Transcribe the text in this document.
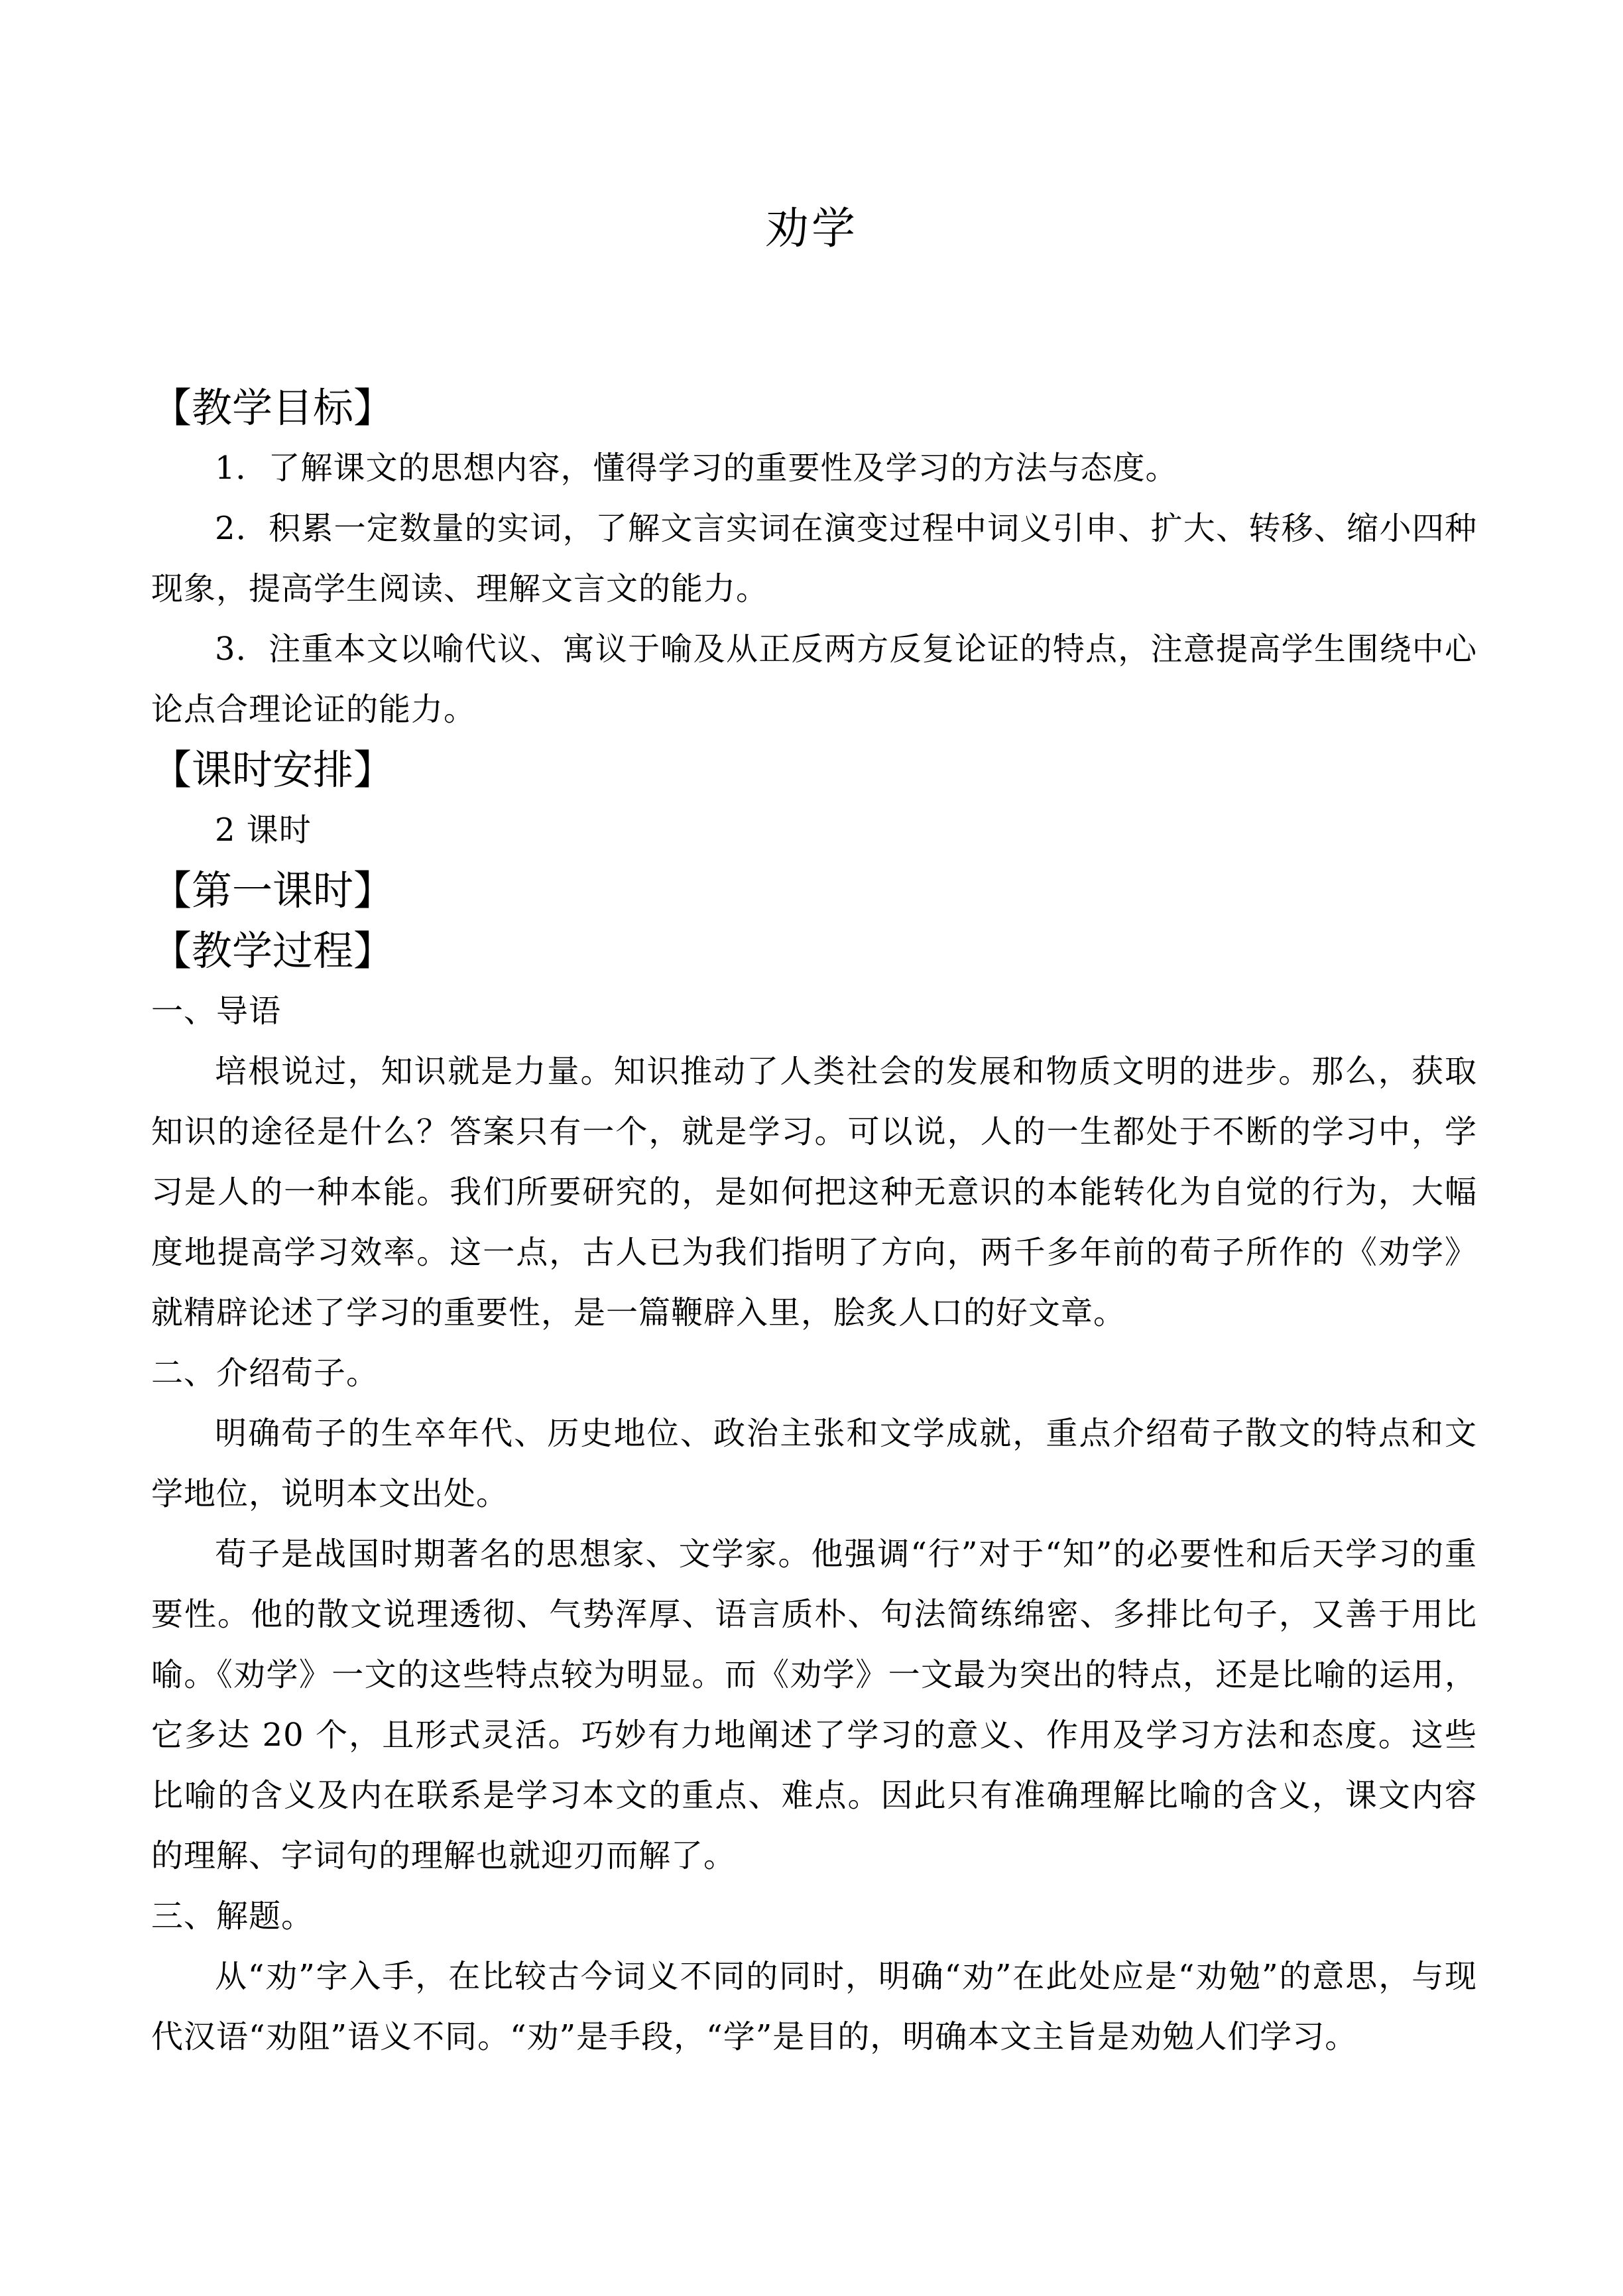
劝学

【教学目标】

1．了解课文的思想内容，懂得学习的重要性及学习的方法与态度。

2．积累一定数量的实词，了解文言实词在演变过程中词义引申、扩大、转移、缩小四种现象，提高学生阅读、理解文言文的能力。

3．注重本文以喻代议、寓议于喻及从正反两方反复论证的特点，注意提高学生围绕中心论点合理论证的能力。

【课时安排】

2 课时

【第一课时】

【教学过程】

一、导语

培根说过，知识就是力量。知识推动了人类社会的发展和物质文明的进步。那么，获取知识的途径是什么？答案只有一个，就是学习。可以说，人的一生都处于不断的学习中，学习是人的一种本能。我们所要研究的，是如何把这种无意识的本能转化为自觉的行为，大幅度地提高学习效率。这一点，古人已为我们指明了方向，两千多年前的荀子所作的《劝学》就精辟论述了学习的重要性，是一篇鞭辟入里，脍炙人口的好文章。

二、介绍荀子。

明确荀子的生卒年代、历史地位、政治主张和文学成就，重点介绍荀子散文的特点和文学地位，说明本文出处。

荀子是战国时期著名的思想家、文学家。他强调“行”对于“知”的必要性和后天学习的重要性。他的散文说理透彻、气势浑厚、语言质朴、句法简练绵密、多排比句子，又善于用比喻。《劝学》一文的这些特点较为明显。而《劝学》一文最为突出的特点，还是比喻的运用，它多达 20 个，且形式灵活。巧妙有力地阐述了学习的意义、作用及学习方法和态度。这些比喻的含义及内在联系是学习本文的重点、难点。因此只有准确理解比喻的含义，课文内容的理解、字词句的理解也就迎刃而解了。

三、解题。

从“劝”字入手，在比较古今词义不同的同时，明确“劝”在此处应是“劝勉”的意思，与现代汉语“劝阻”语义不同。“劝”是手段，“学”是目的，明确本文主旨是劝勉人们学习。
